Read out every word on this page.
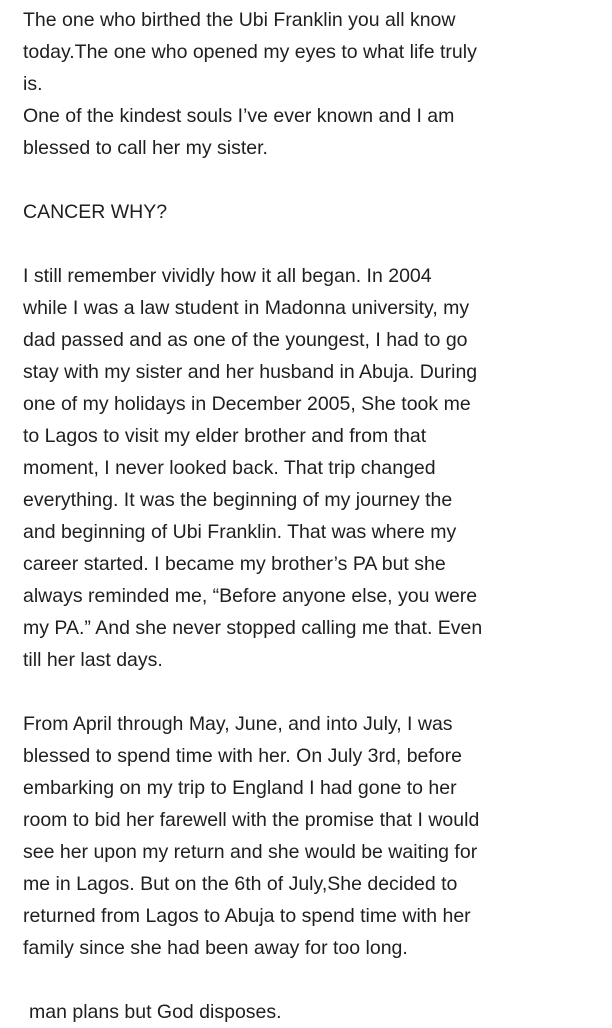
The one who birthed the Ubi Franklin you all know
today.The one who opened my eyes to what life truly
is.
One of the kindest souls I’ve ever known and I am
blessed to call her my sister.
CANCER WHY?
I still remember vividly how it all began. In 2004
while I was a law student in Madonna university, my
dad passed and as one of the youngest, I had to go
stay with my sister and her husband in Abuja. During
one of my holidays in December 2005, She took me
to Lagos to visit my elder brother and from that
moment, I never looked back. That trip changed
everything. It was the beginning of my journey the
and beginning of Ubi Franklin. That was where my
career started. I became my brother’s PA but she
always reminded me, “Before anyone else, you were
my PA.” And she never stopped calling me that. Even
till her last days.
From April through May, June, and into July, I was
blessed to spend time with her. On July 3rd, before
embarking on my trip to England I had gone to her
room to bid her farewell with the promise that I would
see her upon my return and she would be waiting for
me in Lagos. But on the 6th of July,She decided to
returned from Lagos to Abuja to spend time with her
family since she had been away for too long.
man plans but God disposes.
